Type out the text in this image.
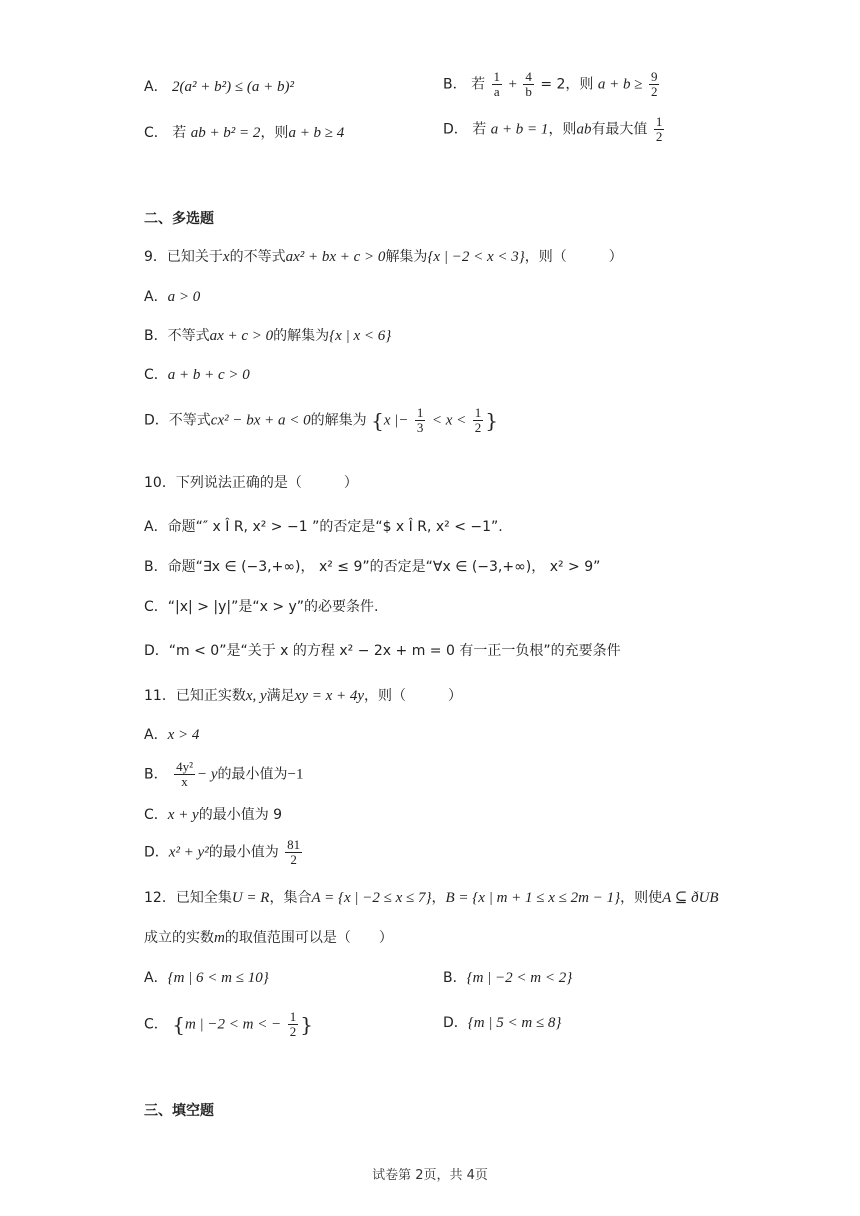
A． 2(a² + b²) ≤ (a + b)²	B． 若 $\frac{1}{a} + \frac{4}{b} = 2$，则 $a + b \ge \frac{9}{2}$
C． 若 ab + b² = 2，则a + b ≥ 4	D． 若 a + b = 1，则ab有最大值 $\frac{1}{2}$
二、多选题
9．已知关于x的不等式ax² + bx + c > 0解集为{x | −2 < x < 3}，则（　　　）
A．a > 0
B．不等式ax + c > 0的解集为{x | x < 6}
C．a + b + c > 0
D．不等式cx² − bx + a < 0的解集为 {x |− $\frac{1}{3} < x < \frac{1}{2}$ }
10．下列说法正确的是（　　　）
A．命题“″ x Î R, x² > −1 ”的否定是“$ x Î R, x² < −1”.
B．命题“∃x ∈ (−3,+∞)， x² ≤ 9”的否定是“∀x ∈ (−3,+∞)， x² > 9”
C．“|x| > |y|”是“x > y”的必要条件.
D．“m < 0”是“关于 x 的方程 x² − 2x + m = 0 有一正一负根”的充要条件
11．已知正实数x, y满足xy = x + 4y，则（　　　）
A．x > 4
B． $\frac{\text{4y²}}{x} - y$的最小值为−1
C．x + y的最小值为 9
D．x² + y²的最小值为 $\frac{81}{2}$
12．已知全集U = R，集合A = {x | −2 ≤ x ≤ 7}，B = {x | m + 1 ≤ x ≤ 2m − 1}，则使A ⊆ ðUB
成立的实数m的取值范围可以是（　　）
A．{m | 6 < m ≤ 10}	B．{m | −2 < m < 2}
C． {m | −2 < m < − $\frac{1}{2}$ }	D．{m | 5 < m ≤ 8}
三、填空题
试卷第 2页，共 4页
